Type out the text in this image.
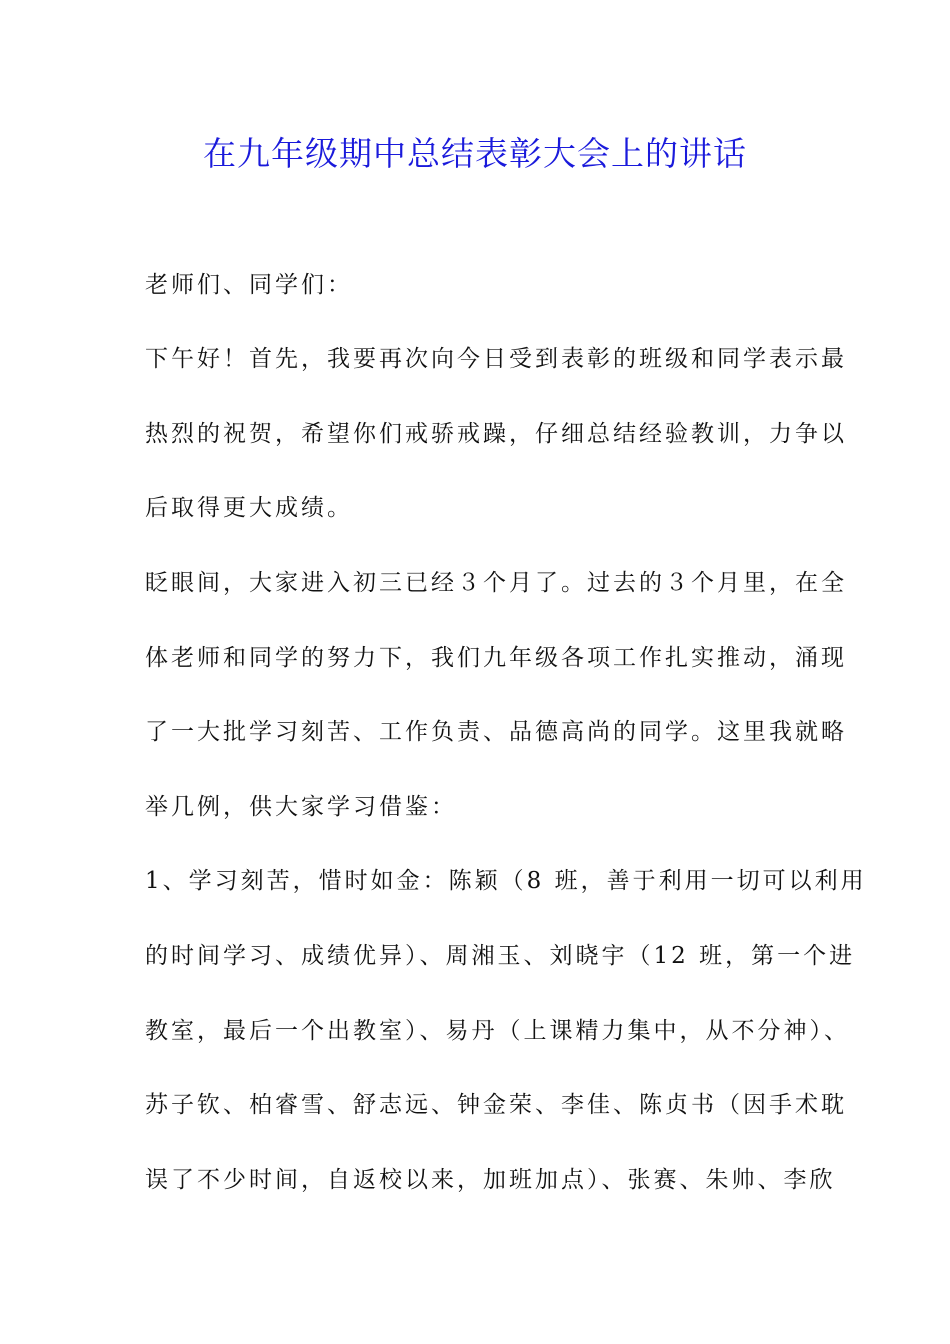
在九年级期中总结表彰大会上的讲话
老师们、同学们：
下午好！首先，我要再次向今日受到表彰的班级和同学表示最
热烈的祝贺，希望你们戒骄戒躁，仔细总结经验教训，力争以
后取得更大成绩。
眨眼间，大家进入初三已经３个月了。过去的３个月里，在全
体老师和同学的努力下，我们九年级各项工作扎实推动，涌现
了一大批学习刻苦、工作负责、品德高尚的同学。这里我就略
举几例，供大家学习借鉴：
1、学习刻苦，惜时如金：陈颖（8 班，善于利用一切可以利用
的时间学习、成绩优异）、周湘玉、刘晓宇（12 班，第一个进
教室，最后一个出教室）、易丹（上课精力集中，从不分神）、
苏子钦、柏睿雪、舒志远、钟金荣、李佳、陈贞书（因手术耽
误了不少时间，自返校以来，加班加点）、张赛、朱帅、李欣
